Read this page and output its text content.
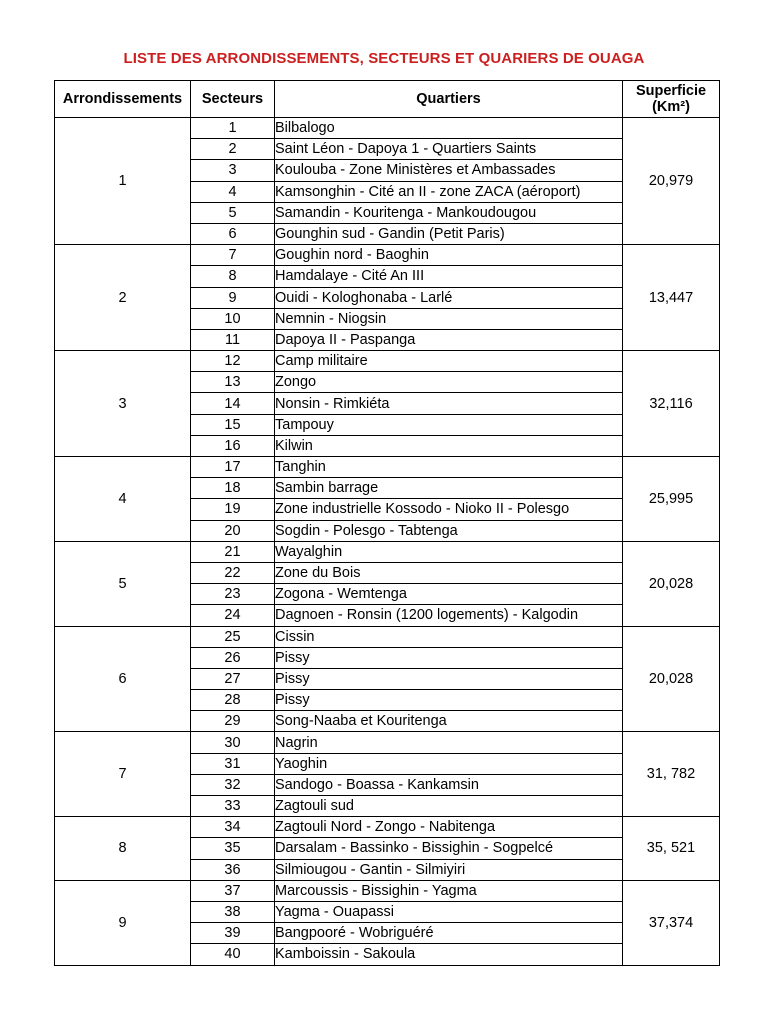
LISTE DES ARRONDISSEMENTS, SECTEURS ET QUARIERS DE OUAGA
Arrondissements	Secteurs	Quartiers	Superficie
(Km²)
1	1	Bilbalogo	20,979
	2	Saint Léon - Dapoya 1 - Quartiers Saints	
	3	Koulouba - Zone Ministères et Ambassades	
	4	Kamsonghin - Cité an II - zone ZACA (aéroport)	
	5	Samandin - Kouritenga - Mankoudougou	
	6	Gounghin sud - Gandin (Petit Paris)	
2	7	Goughin nord - Baoghin	13,447
	8	Hamdalaye - Cité An III	
	9	Ouidi - Kologhonaba - Larlé	
	10	Nemnin - Niogsin	
	11	Dapoya II - Paspanga	
3	12	Camp militaire	32,116
	13	Zongo	
	14	Nonsin - Rimkiéta	
	15	Tampouy	
	16	Kilwin	
4	17	Tanghin	25,995
	18	Sambin barrage	
	19	Zone industrielle Kossodo - Nioko II - Polesgo	
	20	Sogdin - Polesgo - Tabtenga	
5	21	Wayalghin	20,028
	22	Zone du Bois	
	23	Zogona - Wemtenga	
	24	Dagnoen - Ronsin (1200 logements) - Kalgodin	
6	25	Cissin	20,028
	26	Pissy	
	27	Pissy	
	28	Pissy	
	29	Song-Naaba et Kouritenga	
7	30	Nagrin	31, 782
	31	Yaoghin	
	32	Sandogo - Boassa - Kankamsin	
	33	Zagtouli sud	
8	34	Zagtouli Nord - Zongo - Nabitenga	35, 521
	35	Darsalam - Bassinko - Bissighin - Sogpelcé	
	36	Silmiougou - Gantin - Silmiyiri	
9	37	Marcoussis - Bissighin - Yagma	37,374
	38	Yagma - Ouapassi	
	39	Bangpooré - Wobriguéré	
	40	Kamboissin - Sakoula	
